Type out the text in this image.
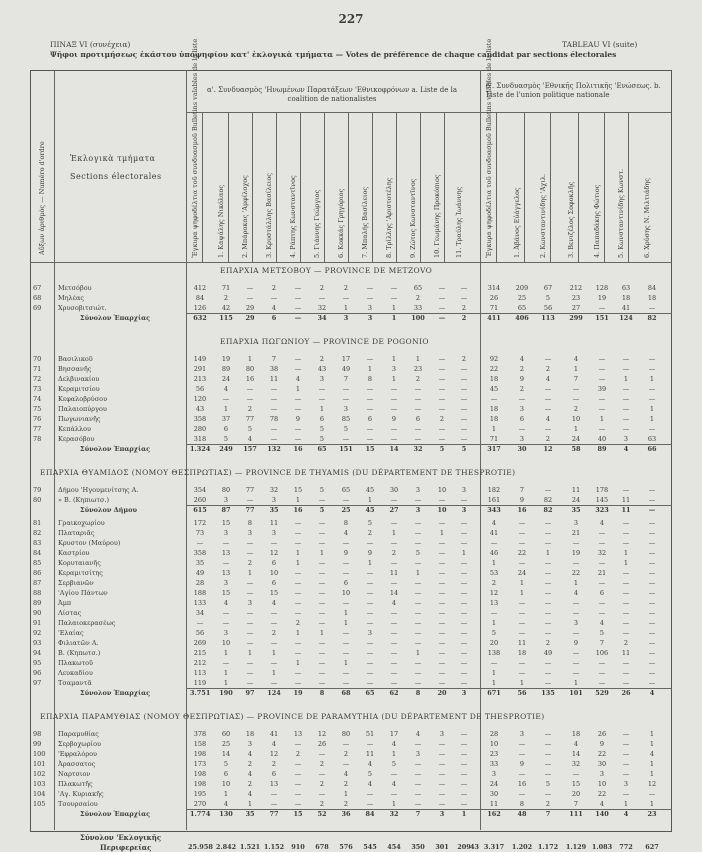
227
ΠΙΝΑΞ VI (συνέχεια)	TABLEAU VI (suite)
Ψῆφοι προτιμήσεως ἑκάστου ὑποψηφίου κατ' ἐκλογικὰ τμήματα — Votes de préférence de chaque candidat par sections électorales
Αὔξων ἀριθμὸς — Numéro d'ordre	Ἐκλογικὰ τμήματα
Sections électorales
α'. Συνδυασμὸς 'Ηνωμένων Παρατάξεων 'Εθνικοφρόνων a. Liste de la coalition de nationalistes
β'. Συνδυασμὸς 'Εθνικῆς Πολιτικῆς 'Ενώσεως. b. Liste de l'union politique nationale
Ἔγκυρα ψηφοδέλτια τοῦ συνδυασμοῦ Bulletins valables de la liste	1. Καψάλης Νικόλαος 2. Μπάροκας 'Αμφίλοχος 3. Κρυστάλλης Βασίλειος 4. Ράπτης Κωνσταντῖνος 5. Γιάννης Γεώργιος 6. Κοκκάς Γρηγόριος 7. Μπαλής Βασίλειος 8. Τρίλλης 'Αριστοτέλης 9. Ζώτος Κωνσταντῖνος 10. Γεωμάνης Προκόπιος 11. Τραύλης Ἰωάννης	Ἔγκυρα ψηφοδέλτια τοῦ συνδυασμοῦ Bulletins valables de la liste	1. Ἀβάνος Εὐάγγελος	2. Κωνσταντινίδης 'Αχιλ.	3. Βενιζέλος Σοφοκλῆς	4. Παπαδάκης Φώτιος 5. Κωνσταντινίδης Κωνστ.	6. Χρύσης Ν. Μιλτιάδης
ΕΠΑΡΧΙΑ ΜΕΤΣΟΒΟΥ — PROVINCE DE METZOVO
67	Μετσόβου	412	71	—	2	—	2	2	—	—	65	—	—	314	209	67	212	128	63	84
68	Μηλέας	84	2	—	—	—	—	—	—	—	2	—	—	26	25	5	23	19	18	18
69	Χρυσοβιτσιώτ.	126	42	29	4	—	32	1	3	1	33	—	2	71	65	56	27	—	41	—
Σύνολον Ἐπαρχίας	632	115	29	6	—	34	3	3	1	100	—	2	411	406	113	299	151	124	82
ΕΠΑΡΧΙΑ ΠΩΓΩΝΙΟΥ — PROVINCE DE POGONIO
70	Βασιλικοῦ	149	19	1	7	—	2	17	—	1	1	—	2	92	4	—	4	—	—	—
71	Βησσανῆς	291	89	80	38	—	43	49	1	3	23	—	—	22	2	2	1	—	—	—
72	Δελβινακίου	213	24	16	11	4	3	7	8	1	2	—	—	18	9	4	7	—	1	1
73	Κεραμιτσίου	56	4	—	—	1	—	—	—	—	—	—	—	45	2	—	—	39	—	—
74	Κεφαλοβρύσου	120	—	—	—	—	—	—	—	—	—	—	—	—	—	—	—	—	—	—
75	Παλαιοπύργου	43	1	2	—	—	1	3	—	—	—	—	—	18	3	—	2	—	—	1
76	Πωγωνιανῆς	358	37	77	78	9	6	85	6	9	6	2	—	18	6	4	10	1	—	1
77	Κεπάλλου	280	6	5	—	—	5	5	—	—	—	—	—	1	—	—	1	—	—	—
78	Κερασόβου	318	5	4	—	—	5	—	—	—	—	—	—	71	3	2	24	40	3	63
Σύνολον Ἐπαρχίας	1.324	249	157	132	16	65	151	15	14	32	5	5	317	30	12	58	89	4	66
ΕΠΑΡΧΙΑ ΘΥΑΜΙΔΟΣ (ΝΟΜΟΥ ΘΕΣΠΡΩΤΙΑΣ) — PROVINCE DE THYAMIS (DU DÉPARTEMENT DE THESPROTIE)
79	Δήμου 'Ηγουμενίτσης Α.	354	80	77	32	15	5	65	45	30	3	10	3	182	7	—	11	178	—	—
80	» Β. (Κηπιωτσ.)	260	3	—	3	1	—	—	1	—	—	—	—	161	9	82	24	145	11	—
Σύνολον Δήμου	615	87	77	35	16	5	25	45	27	3	10	3	343	16	82	35	323	11	—
81	Γραικοχωρίου	172	15	8	11	—	—	8	5	—	—	—	—	4	—	—	3	4	—	—
82	Πλαταριᾶς	73	3	3	3	—	—	4	2	1	—	1	—	41	—	—	21	—	—	—
83	Κρυστον (Μαύρου)	—	—	—	—	—	—	—	—	—	—	—	—	—	—	—	—	—	—	—
84	Καστρίου	358	13	—	12	1	1	9	9	2	5	—	1	46	22	1	19	32	1	—
85	Κορυταιανῆς	35	—	2	6	1	—	—	1	—	—	—	—	1	—	—	—	—	1	—
86	Κεραμιτσίτης	49	13	1	10	—	—	—	—	11	1	—	—	53	24	—	22	21	—	—
87	Σερβιανῶν	28	3	—	6	—	—	6	—	—	—	—	—	2	1	—	1	—	—	—
88	'Αγίου Πάντων	188	15	—	15	—	—	10	—	14	—	—	—	12	1	—	4	6	—	—
89	Ἀμπ	133	4	3	4	—	—	—	—	4	—	—	—	13	—	—	—	—	—	—
90	Λίστας	34	—	—	—	—	—	1	—	—	—	—	—	—	—	—	—	—	—	—
91	Παλαιοκερασέως	—	—	—	—	2	—	1	—	—	—	—	—	1	—	—	3	4	—	—
92	'Ελαίας	56	3	—	2	1	1	—	3	—	—	—	—	5	—	—	—	5	—	—
93	Φιλιατῶν Α.	269	10	—	—	—	—	—	—	—	—	—	—	20	11	2	9	7	2	—
94	Β. (Κηπωτσ.)	215	1	1	1	—	—	—	—	—	1	—	—	138	18	49	—	106	11	—
95	Πλακωτοῦ	212	—	—	—	1	—	1	—	—	—	—	—	—	—	—	—	—	—	—
96	Λευκαδίου	113	1	—	1	—	—	—	—	—	—	—	—	1	—	—	—	—	—	—
97	Τσαμαντᾶ	119	1	—	—	—	—	—	—	—	—	—	—	1	1	—	1	—	—	—
Σύνολον Ἐπαρχίας	3.751	190	97	124	19	8	68	65	62	8	20	3	671	56	135	101	529	26	4
ΕΠΑΡΧΙΑ ΠΑΡΑΜΥΘΙΑΣ (ΝΟΜΟΥ ΘΕΣΠΡΩΤΙΑΣ) — PROVINCE DE PARAMYTHIA (DU DÉPARTEMENT DE THESPROTIE)
98	Παραμυθίας	378	60	18	41	13	12	80	51	17	4	3	—	28	3	—	18	26	—	1
99	Σερβοχωρίου	158	25	3	4	—	26	—	—	4	—	—	—	10	—	—	4	9	—	1
100 'Εφραλόρου	198	14	4	12	2	—	2	11	1	3	—	—	23	—	—	14	22	—	4
101 Ἀρασσατος	173	5	2	2	—	2	—	4	5	—	—	—	33	9	—	32	30	—	1
102 Ναρτσιον	198	6	4	6	—	—	4	5	—	—	—	—	3	—	—	—	3	—	1
103 Πλακωτῆς	198	10	2	13	—	2	2	4	4	—	—	—	24	16	5	15	10	3	12
104 'Αγ. Κυριακῆς	195	1	4	—	—	—	1	—	—	—	—	—	30	—	—	20	22	—	—
105 Τσουρσαίου	270	4	1	—	—	2	2	—	1	—	—	—	11	8	2	7	4	1	1
Σύνολον Ἐπαρχίας	1.774	130	35	77	15	52	36	84	32	7	3	1	162	48	7	111	140	4	23
Σύνολον 'Εκλογικῆς
Περιφερείας	25.958 2.842 1.521 1.152	910	678	576	545	454	350	301	209 43 3.317 1.202 1.172 1.129 1.083	772	627
